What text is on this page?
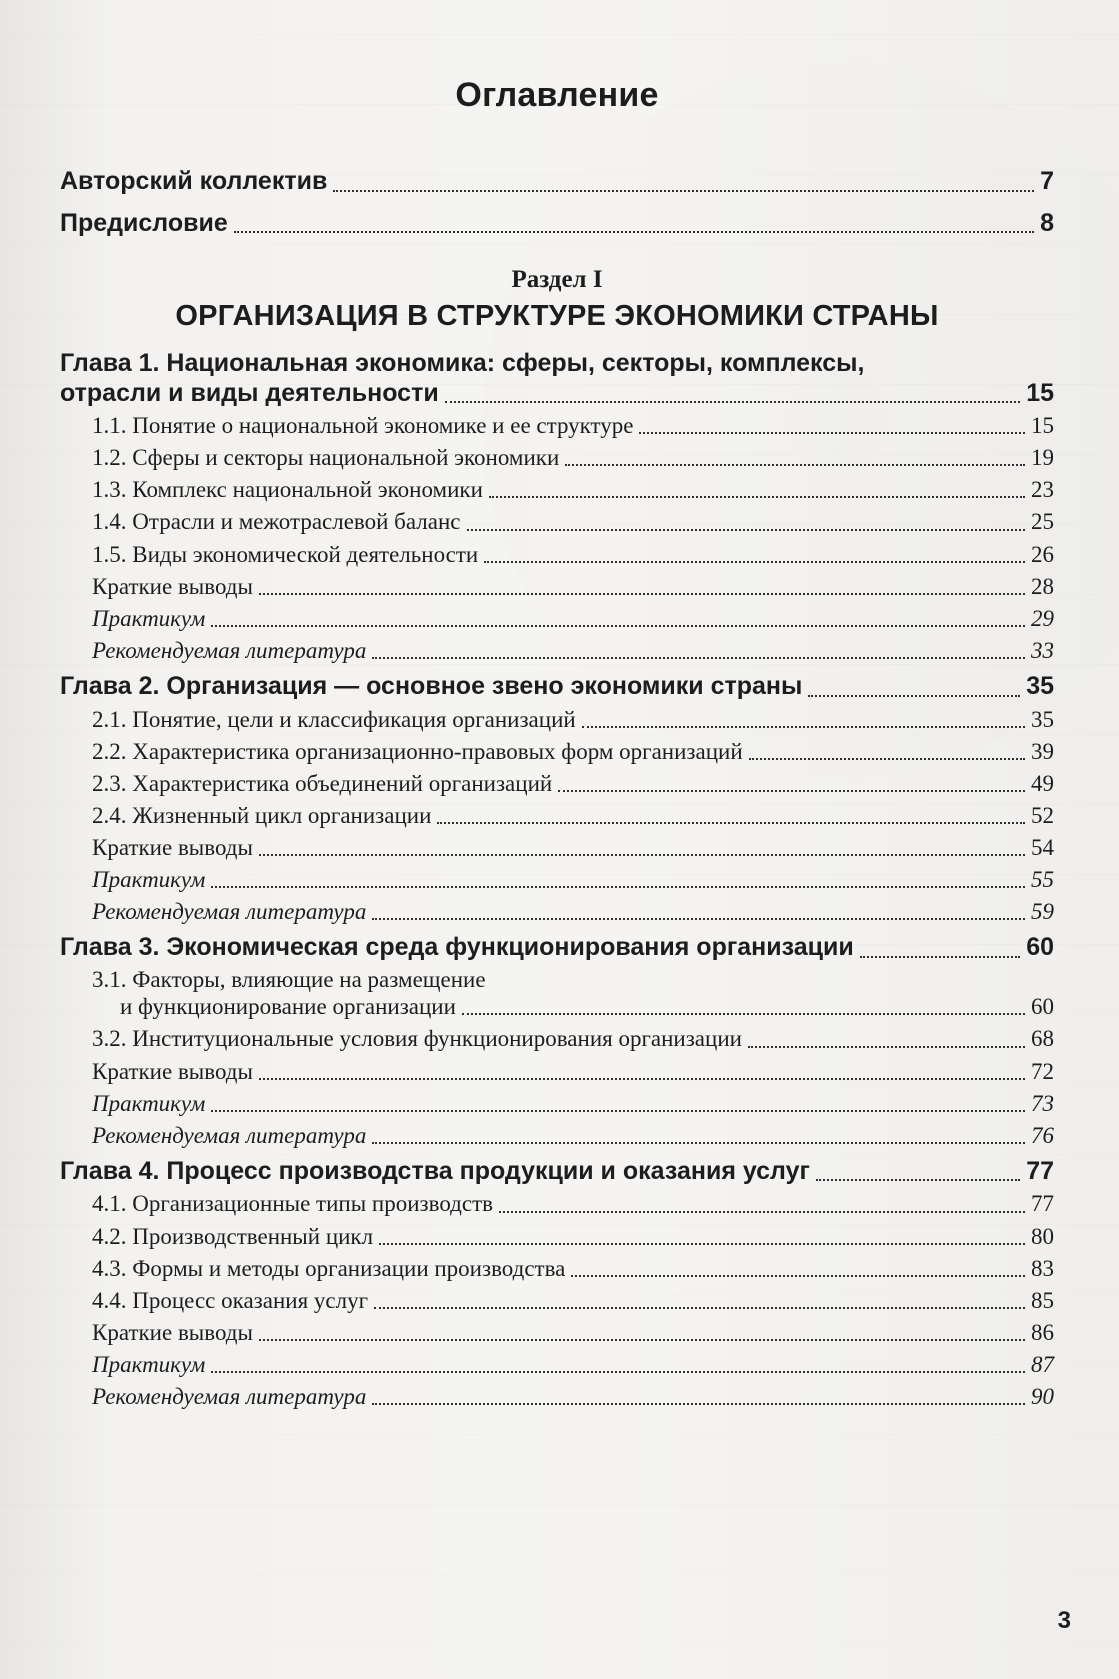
Оглавление
Авторский коллектив	7
Предисловие	8
Раздел I
ОРГАНИЗАЦИЯ В СТРУКТУРЕ ЭКОНОМИКИ СТРАНЫ
Глава 1. Национальная экономика: сферы, секторы, комплексы,
отрасли и виды деятельности	15
1.1. Понятие о национальной экономике и ее структуре	15
1.2. Сферы и секторы национальной экономики	19
1.3. Комплекс национальной экономики	23
1.4. Отрасли и межотраслевой баланс	25
1.5. Виды экономической деятельности	26
Краткие выводы	28
Практикум	29
Рекомендуемая литература	33
Глава 2. Организация — основное звено экономики страны	35
2.1. Понятие, цели и классификация организаций	35
2.2. Характеристика организационно-правовых форм организаций	39
2.3. Характеристика объединений организаций	49
2.4. Жизненный цикл организации	52
Краткие выводы	54
Практикум	55
Рекомендуемая литература	59
Глава 3. Экономическая среда функционирования организации	60
3.1. Факторы, влияющие на размещение
и функционирование организации	60
3.2. Институциональные условия функционирования организации	68
Краткие выводы	72
Практикум	73
Рекомендуемая литература	76
Глава 4. Процесс производства продукции и оказания услуг	77
4.1. Организационные типы производств	77
4.2. Производственный цикл	80
4.3. Формы и методы организации производства	83
4.4. Процесс оказания услуг	85
Краткие выводы	86
Практикум	87
Рекомендуемая литература	90
3
